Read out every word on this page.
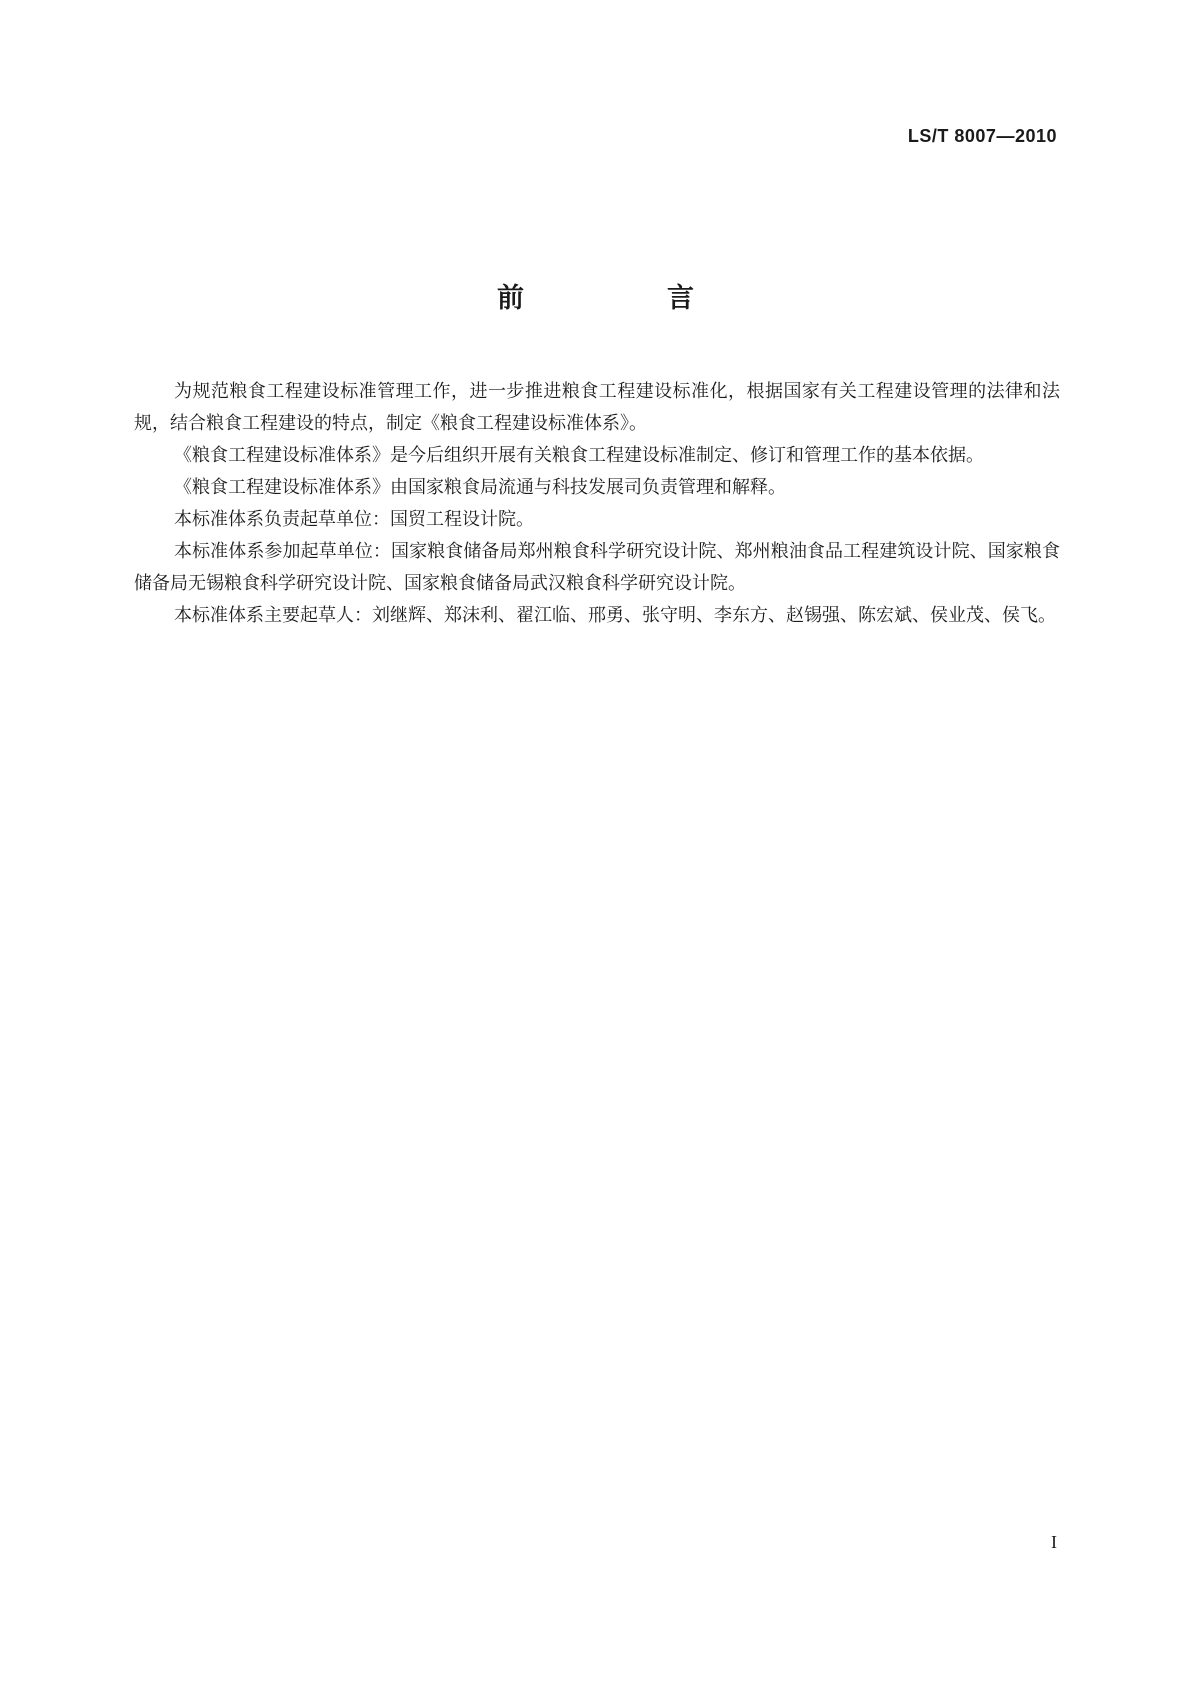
LS/T 8007—2010
前　言

为规范粮食工程建设标准管理工作，进一步推进粮食工程建设标准化，根据国家有关工程建设管理的法律和法规，结合粮食工程建设的特点，制定《粮食工程建设标准体系》。

《粮食工程建设标准体系》是今后组织开展有关粮食工程建设标准制定、修订和管理工作的基本依据。

《粮食工程建设标准体系》由国家粮食局流通与科技发展司负责管理和解释。

本标准体系负责起草单位：国贸工程设计院。

本标准体系参加起草单位：国家粮食储备局郑州粮食科学研究设计院、郑州粮油食品工程建筑设计院、国家粮食储备局无锡粮食科学研究设计院、国家粮食储备局武汉粮食科学研究设计院。

本标准体系主要起草人：刘继辉、郑沫利、翟江临、邢勇、张守明、李东方、赵锡强、陈宏斌、侯业茂、侯飞。

I
